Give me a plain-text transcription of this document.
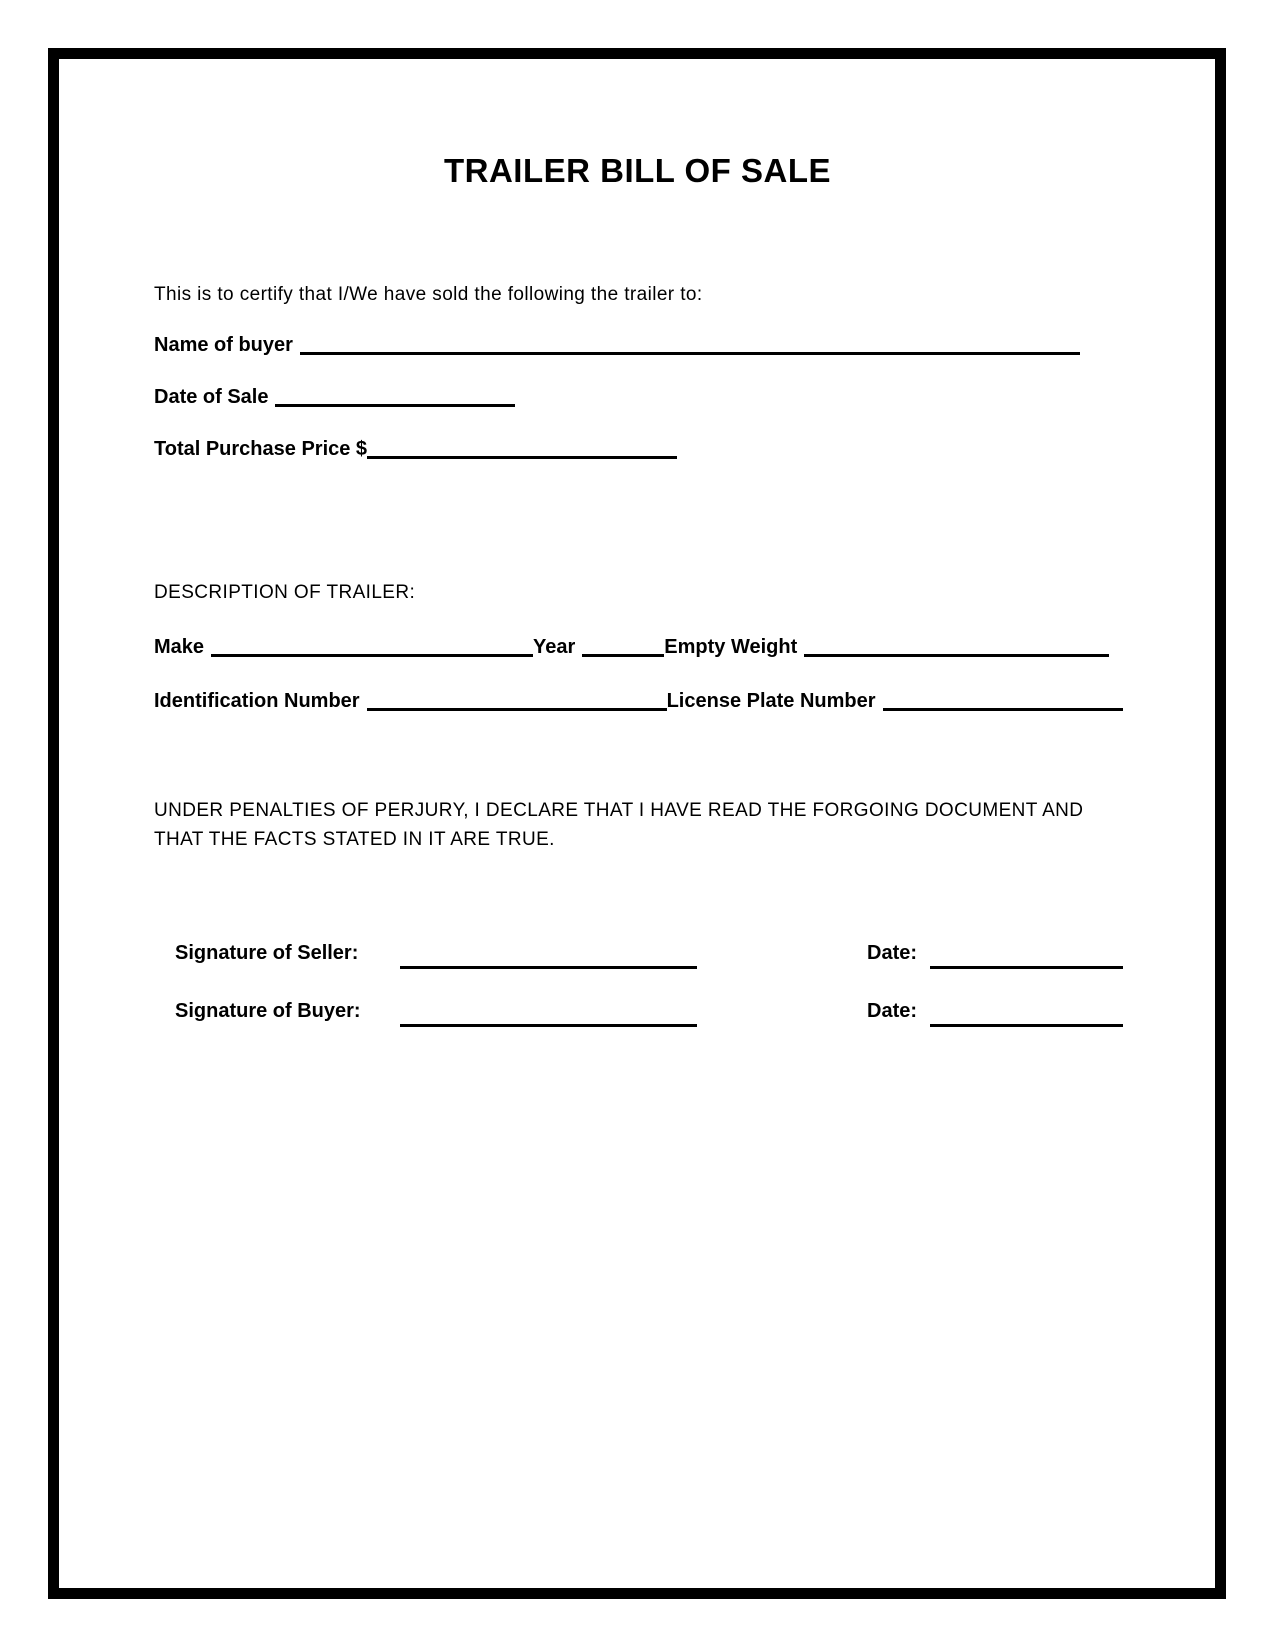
TRAILER BILL OF SALE

This is to certify that I/We have sold the following the trailer to:

Name of buyer
Date of Sale
Total Purchase Price $

DESCRIPTION OF TRAILER:

Make	Year	Empty Weight
Identification Number	License Plate Number

UNDER PENALTIES OF PERJURY, I DECLARE THAT I HAVE READ THE FORGOING DOCUMENT AND THAT THE FACTS STATED IN IT ARE TRUE.

Signature of Seller:	Date:
Signature of Buyer:	Date:
